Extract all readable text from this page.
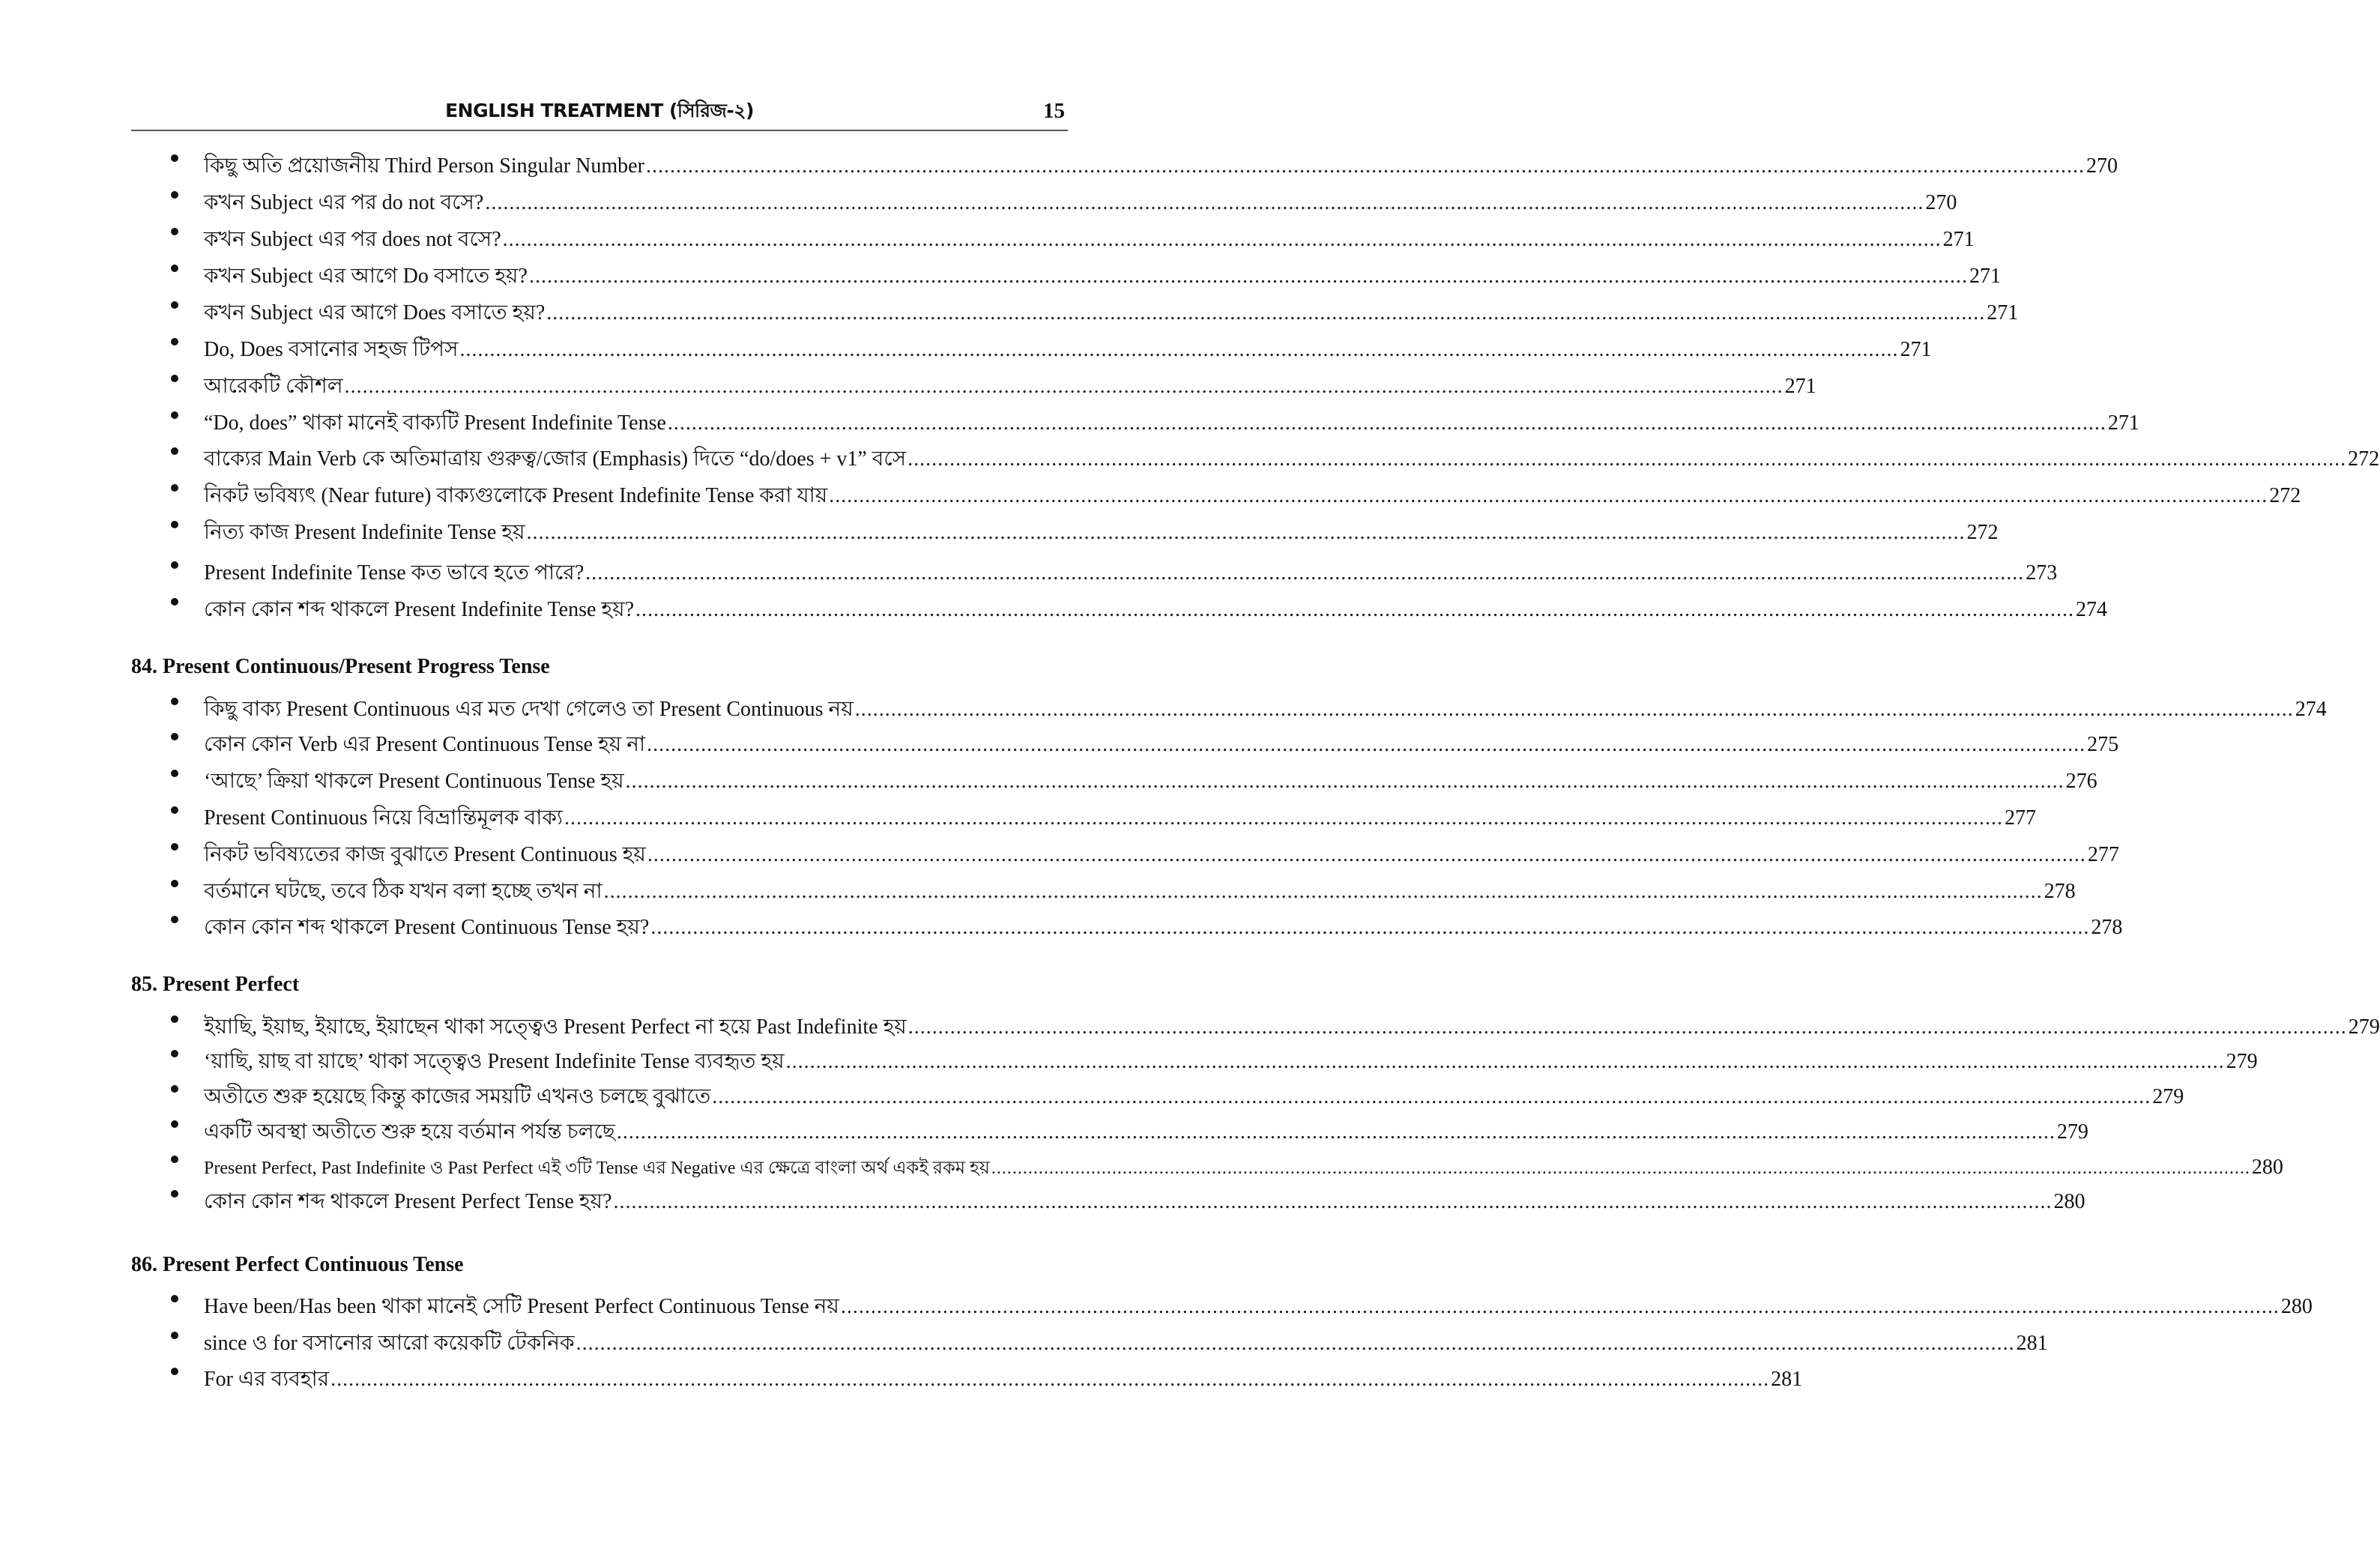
ENGLISH TREATMENT (সিরিজ-২)	15
কিছু অতি প্রয়োজনীয় Third Person Singular Number .....	270
কখন Subject এর পর do not বসে? .....	270
কখন Subject এর পর does not বসে? .....	271
কখন Subject এর আগে Do বসাতে হয়? .....	271
কখন Subject এর আগে Does বসাতে হয়? .....	271
Do, Does বসানোর সহজ টিপস .....	271
আরেকটি কৌশল .....	271
“Do, does” থাকা মানেই বাক্যটি Present Indefinite Tense .....	271
বাক্যের Main Verb কে অতিমাত্রায় গুরুত্ব/জোর (Emphasis) দিতে “do/does + v1” বসে .....	272
নিকট ভবিষ্যৎ (Near future) বাক্যগুলোকে Present Indefinite Tense করা যায় .....	272
নিত্য কাজ Present Indefinite Tense হয় .....	272
Present Indefinite Tense কত ভাবে হতে পারে? .....	273
কোন কোন শব্দ থাকলে Present Indefinite Tense হয়? .....	274
84. Present Continuous/Present Progress Tense
কিছু বাক্য Present Continuous এর মত দেখা গেলেও তা Present Continuous নয় .....	274
কোন কোন Verb এর Present Continuous Tense হয় না .....	275
‘আছে’ ক্রিয়া থাকলে Present Continuous Tense হয় .....	276
Present Continuous নিয়ে বিভ্রান্তিমূলক বাক্য .....	277
নিকট ভবিষ্যতের কাজ বুঝাতে Present Continuous হয় .....	277
বর্তমানে ঘটছে, তবে ঠিক যখন বলা হচ্ছে তখন না .....	278
কোন কোন শব্দ থাকলে Present Continuous Tense হয়? .....	278
85. Present Perfect
ইয়াছি, ইয়াছ, ইয়াছে, ইয়াছেন থাকা সত্ত্বেও Present Perfect না হয়ে Past Indefinite হয় .....	279
‘য়াছি, য়াছ বা য়াছে’ থাকা সত্ত্বেও Present Indefinite Tense ব্যবহৃত হয় .....	279
অতীতে শুরু হয়েছে কিন্তু কাজের সময়টি এখনও চলছে বুঝাতে .....	279
একটি অবস্থা অতীতে শুরু হয়ে বর্তমান পর্যন্ত চলছে .....	279
Present Perfect, Past Indefinite ও Past Perfect এই ৩টি Tense এর Negative এর ক্ষেত্রে বাংলা অর্থ একই রকম হয় .....	280
কোন কোন শব্দ থাকলে Present Perfect Tense হয়? .....	280
86. Present Perfect Continuous Tense
Have been/Has been থাকা মানেই সেটি Present Perfect Continuous Tense নয় .....	280
since ও for বসানোর আরো কয়েকটি টেকনিক .....	281
For এর ব্যবহার .....	281
